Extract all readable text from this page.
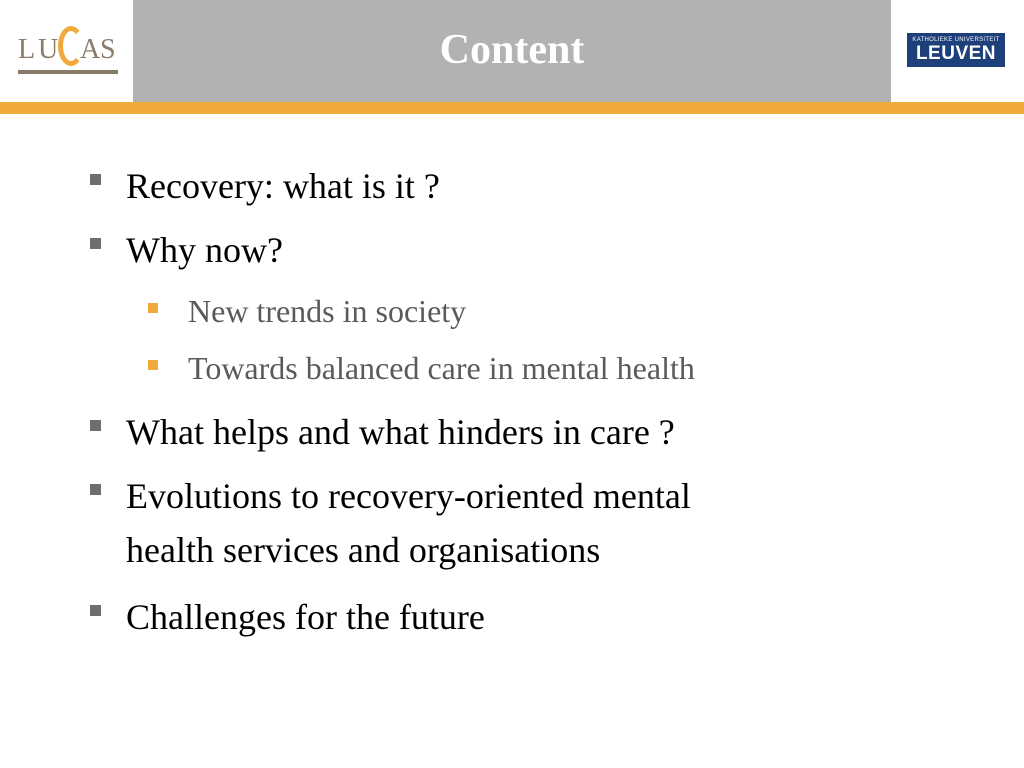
L
U A
S	Content	KATHOLIEKE UNIVERSITEIT
LEUVEN
Recovery: what is it ?
Why now?
New trends in society
Towards balanced care in mental health
What helps and what hinders in care ?
Evolutions to recovery-oriented mental
health services and organisations
Challenges for the future
